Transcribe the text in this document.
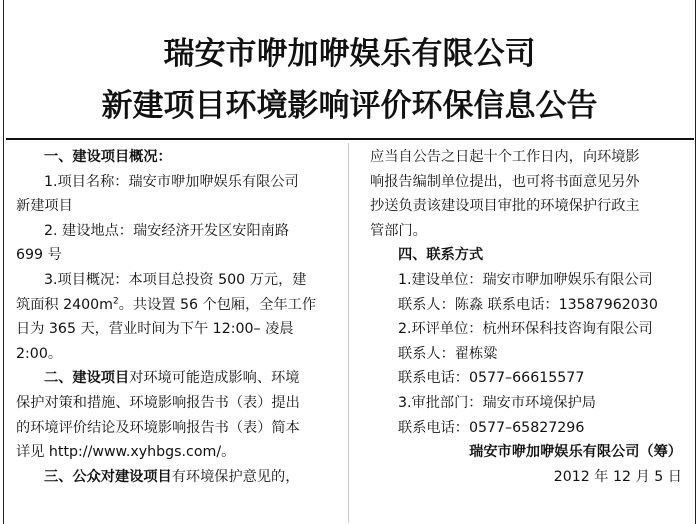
瑞安市咿加咿娱乐有限公司
新建项目环境影响评价环保信息公告
一、建设项目概况：
1.项目名称：瑞安市咿加咿娱乐有限公司
新建项目
2. 建设地点：瑞安经济开发区安阳南路
699 号
3.项目概况：本项目总投资 500 万元，建
筑面积 $2400m^2$。共设置 56 个包厢，全年工作
日为 365 天，营业时间为下午 12:00– 凌晨
2:00。
二、建设项目对环境可能造成影响、环境
保护对策和措施、环境影响报告书（表）提出
的环境评价结论及环境影响报告书（表）简本
详见 http://www.xyhbgs.com/。
三、公众对建设项目有环境保护意见的，
应当自公告之日起十个工作日内，向环境影
响报告编制单位提出，也可将书面意见另外
抄送负责该建设项目审批的环境保护行政主
管部门。
四、联系方式
1.建设单位：瑞安市咿加咿娱乐有限公司
联系人：陈淼 联系电话：13587962030
2.环评单位：杭州环保科技咨询有限公司
联系人：翟栋粱
联系电话：0577–66615577
3.审批部门：瑞安市环境保护局
联系电话：0577–65827296
瑞安市咿加咿娱乐有限公司（筹）
2012 年 12 月 5 日
